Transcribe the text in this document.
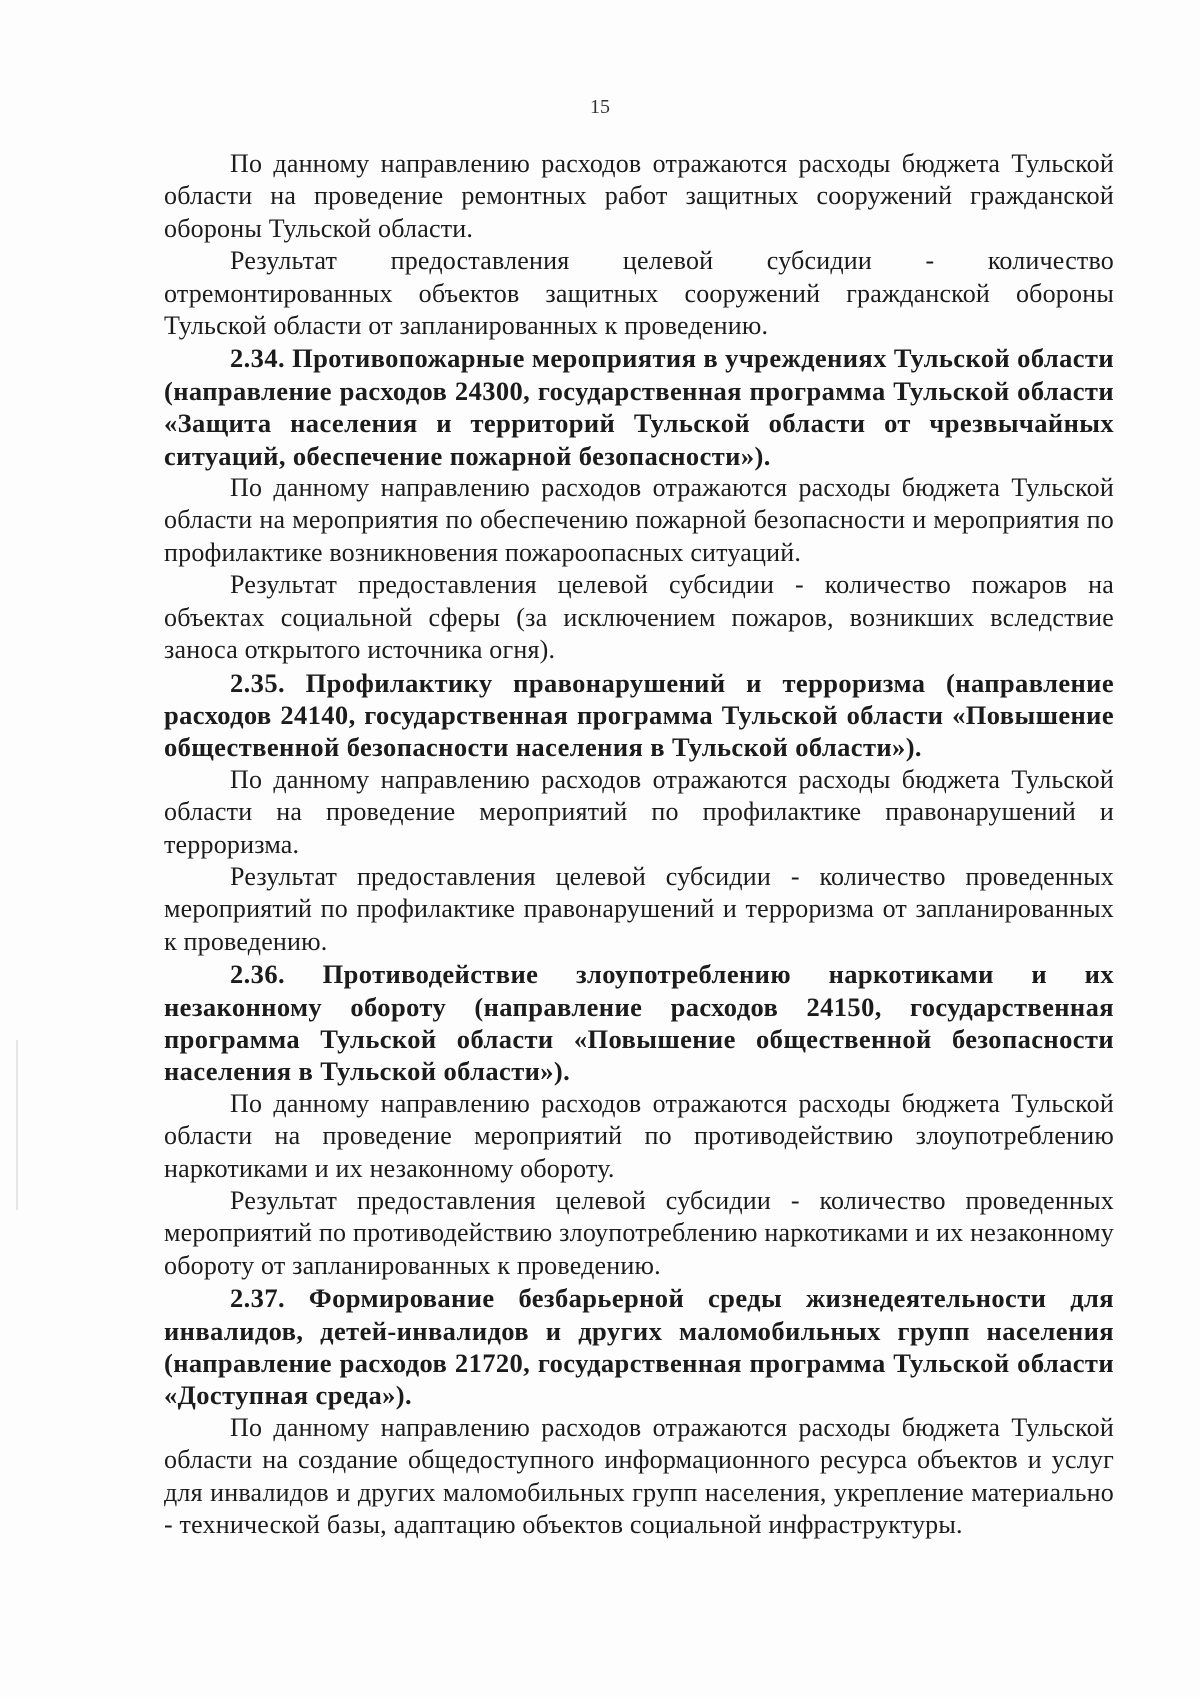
15

По данному направлению расходов отражаются расходы бюджета Тульской области на проведение ремонтных работ защитных сооружений гражданской обороны Тульской области.

Результат предоставления целевой субсидии - количество отремонтированных объектов защитных сооружений гражданской обороны Тульской области от запланированных к проведению.

2.34. Противопожарные мероприятия в учреждениях Тульской области (направление расходов 24300, государственная программа Тульской области «Защита населения и территорий Тульской области от чрезвычайных ситуаций, обеспечение пожарной безопасности»).

По данному направлению расходов отражаются расходы бюджета Тульской области на мероприятия по обеспечению пожарной безопасности и мероприятия по профилактике возникновения пожароопасных ситуаций.

Результат предоставления целевой субсидии - количество пожаров на объектах социальной сферы (за исключением пожаров, возникших вследствие заноса открытого источника огня).

2.35. Профилактику правонарушений и терроризма (направление расходов 24140, государственная программа Тульской области «Повышение общественной безопасности населения в Тульской области»).

По данному направлению расходов отражаются расходы бюджета Тульской области на проведение мероприятий по профилактике правонарушений и терроризма.

Результат предоставления целевой субсидии - количество проведенных мероприятий по профилактике правонарушений и терроризма от запланированных к проведению.

2.36. Противодействие злоупотреблению наркотиками и их незаконному обороту (направление расходов 24150, государственная программа Тульской области «Повышение общественной безопасности населения в Тульской области»).

По данному направлению расходов отражаются расходы бюджета Тульской области на проведение мероприятий по противодействию злоупотреблению наркотиками и их незаконному обороту.

Результат предоставления целевой субсидии - количество проведенных мероприятий по противодействию злоупотреблению наркотиками и их незаконному обороту от запланированных к проведению.

2.37. Формирование безбарьерной среды жизнедеятельности для инвалидов, детей-инвалидов и других маломобильных групп населения (направление расходов 21720, государственная программа Тульской области «Доступная среда»).

По данному направлению расходов отражаются расходы бюджета Тульской области на создание общедоступного информационного ресурса объектов и услуг для инвалидов и других маломобильных групп населения, укрепление материально - технической базы, адаптацию объектов социальной инфраструктуры.
